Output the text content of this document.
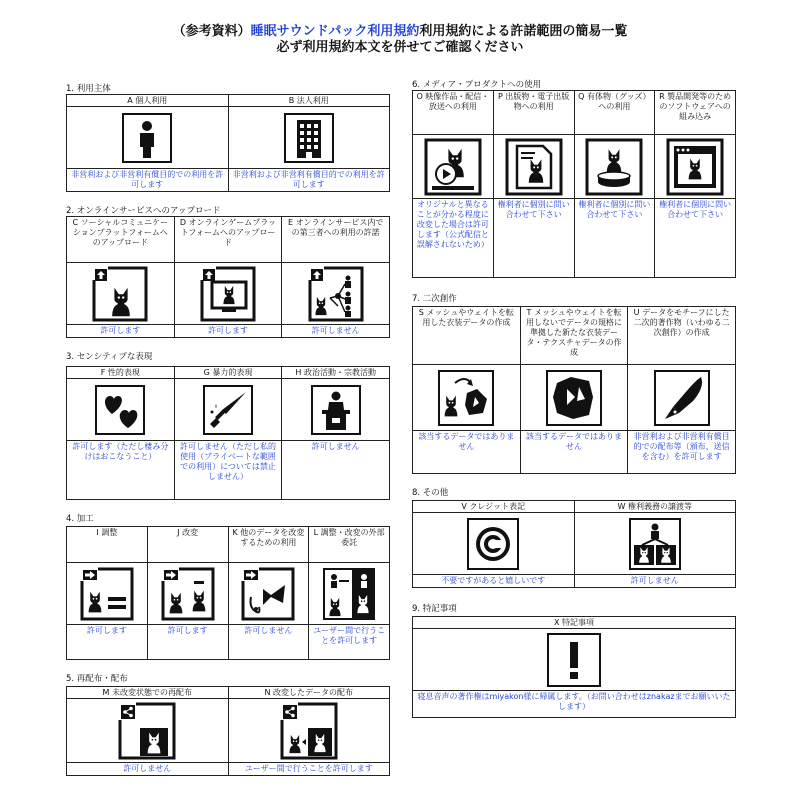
（参考資料）睡眠サウンドパック利用規約利用規約による許諾範囲の簡易一覧
必ず利用規約本文を併せてご確認ください
1. 利用主体
A 個人利用
非営利および非営利有償目的での利用を許可します
B 法人利用
非営利および非営利有償目的での利用を許可します
2. オンラインサービスへのアップロード
C ソーシャルコミュニケーションプラットフォームへのアップロード
許可します
D オンラインゲームプラットフォームへのアップロード
許可します
E オンラインサービス内での第三者への利用の許諾
許可しません
3. センシティブな表現
F 性的表現
許可します（ただし棲み分けはおこなうこと）
G 暴力的表現
許可しません（ただし私的使用（プライベートな範囲での利用）については禁止しません）
H 政治活動・宗教活動
許可しません
4. 加工
I 調整
許可します
J 改変
許可します
K 他のデータを改変するための利用
許可しません
L 調整・改変の外部委託
ユーザー間で行うことを許可します
5. 再配布・配布
M 未改変状態での再配布
許可しません
N 改変したデータの配布
ユーザー間で行うことを許可します
6. メディア・プロダクトへの使用
O 映像作品・配信・放送への利用
オリジナルと異なることが分かる程度に改変した場合は許可します（公式配信と誤解されないため）
P 出版物・電子出版物への利用
権利者に個別に問い合わせて下さい
Q 有体物（グッズ）への利用
権利者に個別に問い合わせて下さい
R 製品開発等のためのソフトウェアへの組み込み
権利者に個別に問い合わせて下さい
7. 二次創作
S メッシュやウェイトを転用した衣装データの作成
該当するデータではありません
T メッシュやウェイトを転用しないでデータの規格に準拠した新たな衣装データ・テクスチャデータの作成
該当するデータではありません
U データをモチーフにした二次的著作物（いわゆる二次創作）の作成
非営利および非営利有償目的での配布等（頒布、送信を含む）を許可します
8. その他
V クレジット表記
不要ですがあると嬉しいです
W 権利義務の譲渡等
許可しません
9. 特記事項
X 特記事項
寝息音声の著作権はmiyakon様に帰属します。（お問い合わせはznakazまでお願いいたします）
